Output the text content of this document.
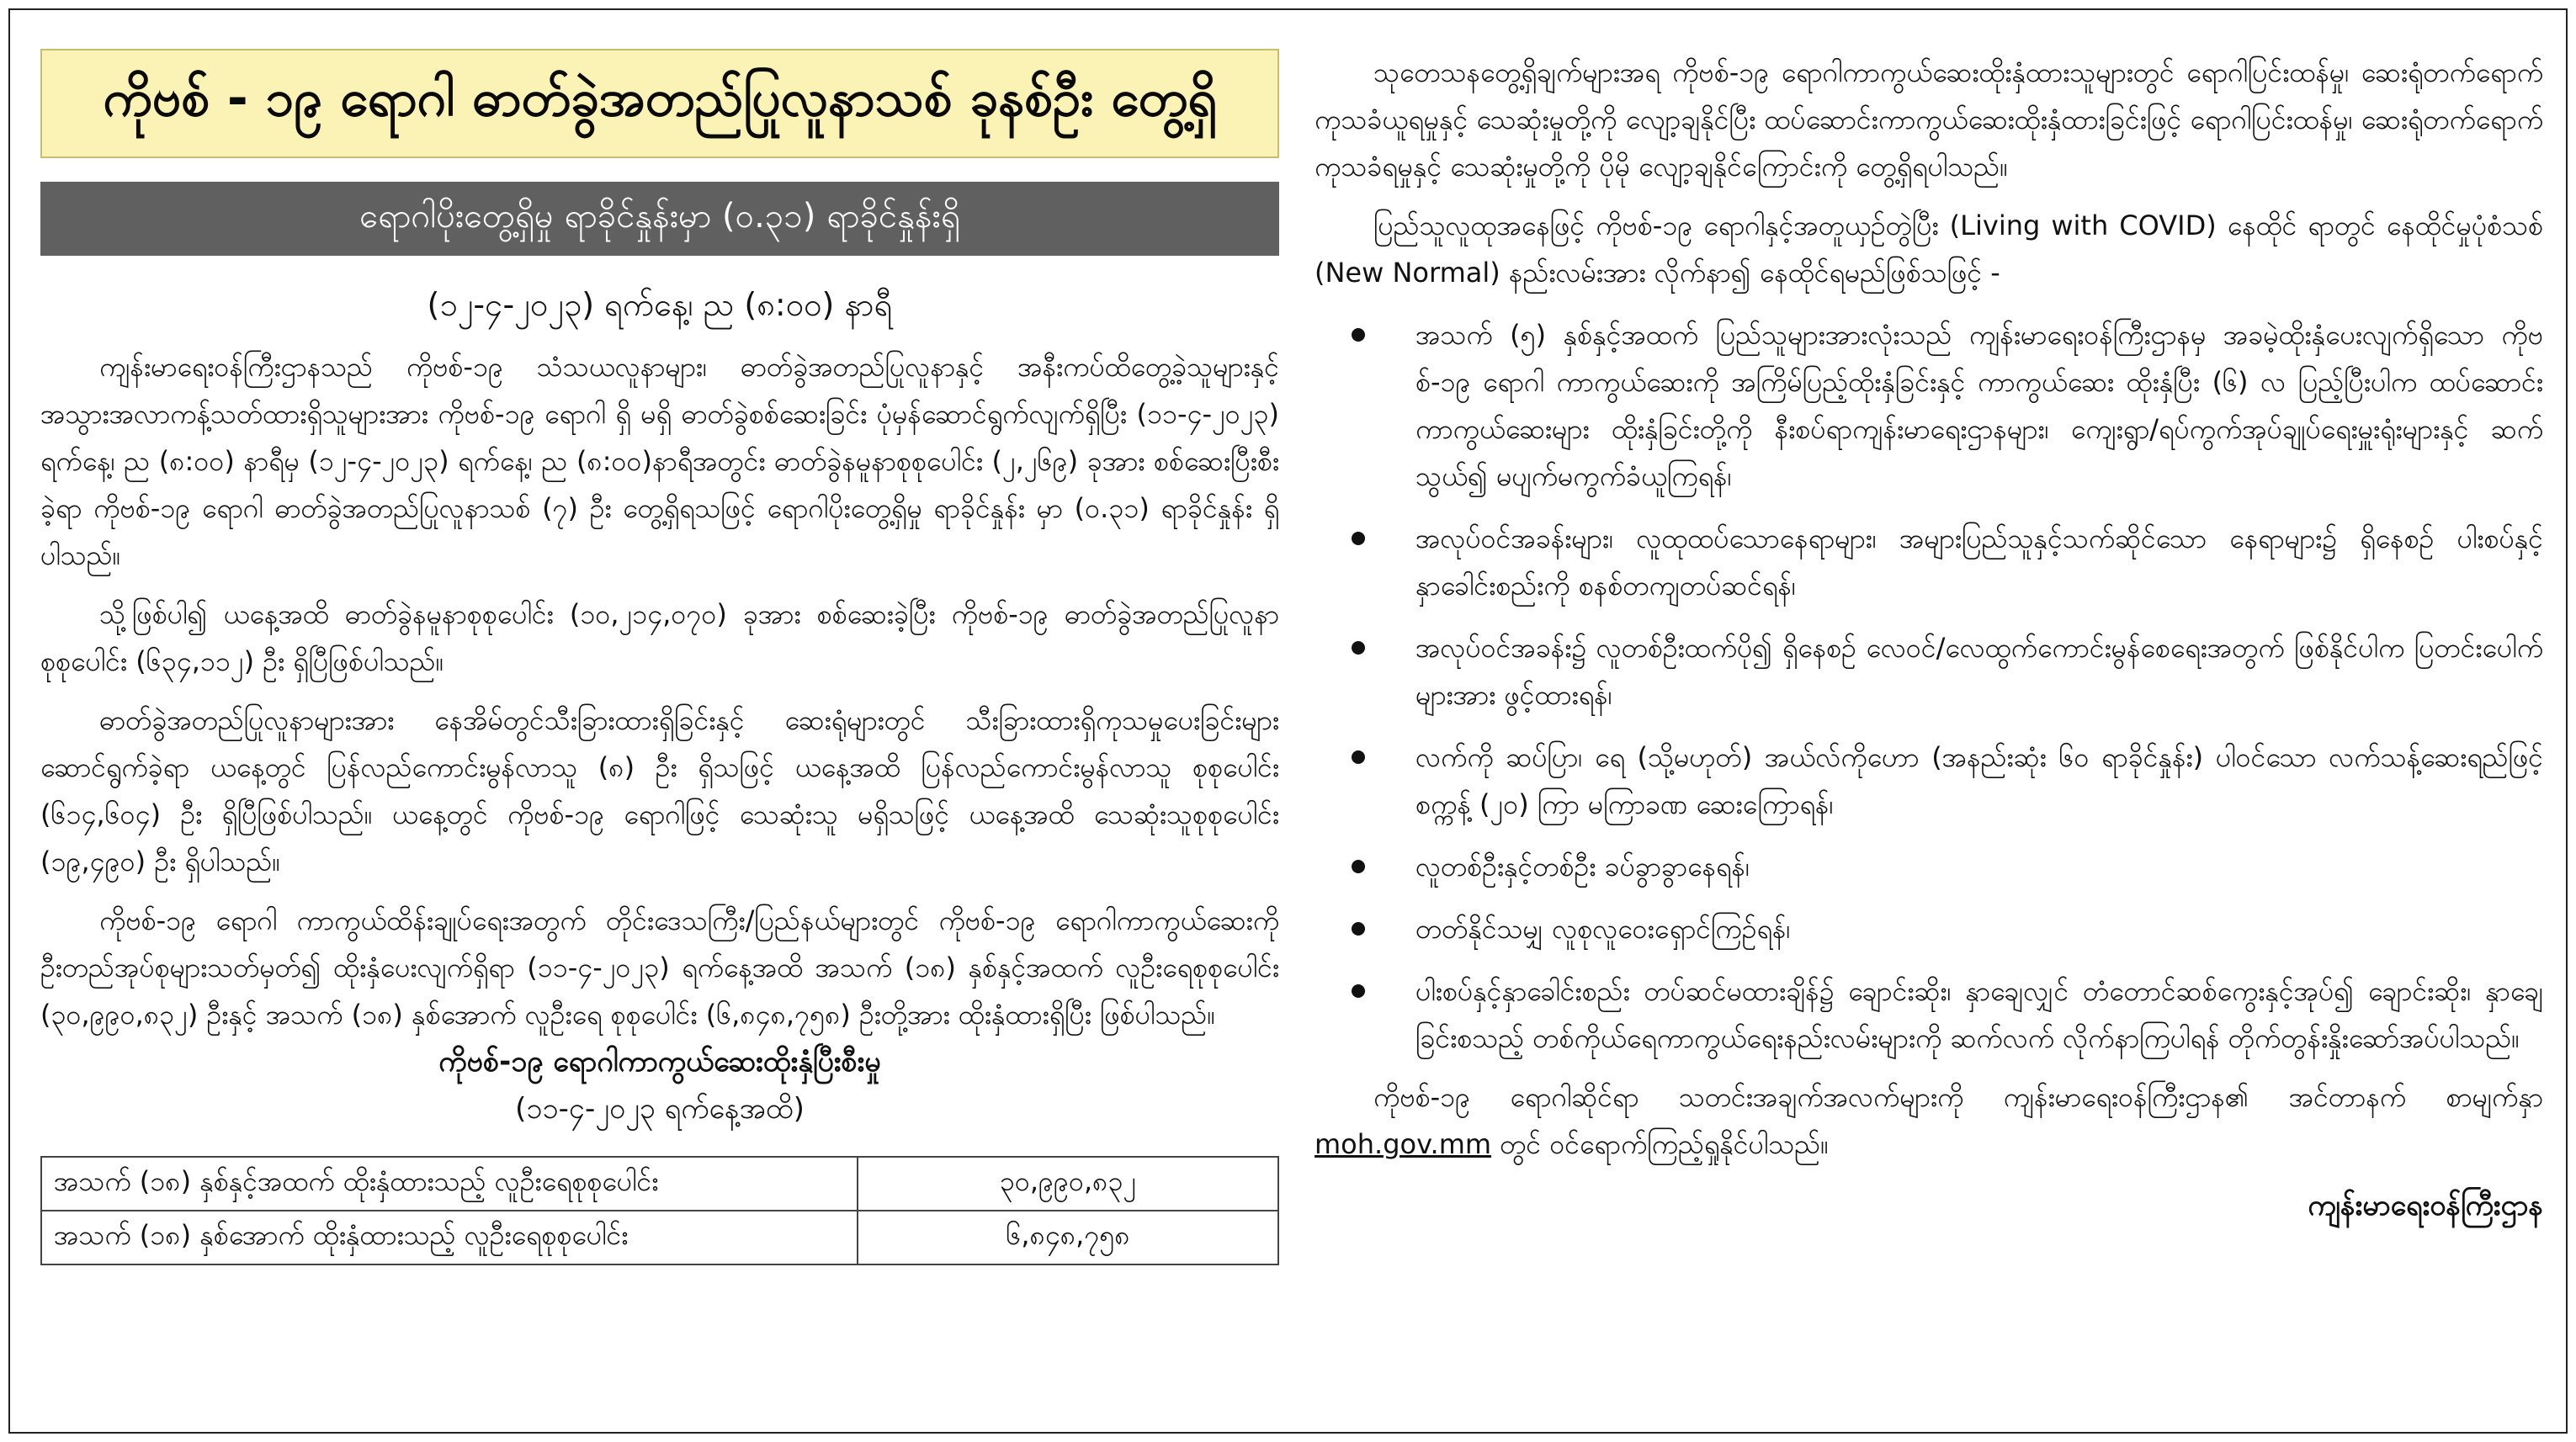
ကိုဗစ် - ၁၉ ရောဂါ ဓာတ်ခွဲအတည်ပြုလူနာသစ် ခုနစ်ဦး တွေ့ရှိ
ရောဂါပိုးတွေ့ရှိမှု ရာခိုင်နှုန်းမှာ (၀.၃၁) ရာခိုင်နှုန်းရှိ
(၁၂-၄-၂၀၂၃) ရက်နေ့၊ ည (၈:၀၀) နာရီ

ကျန်းမာရေးဝန်ကြီးဌာနသည် ကိုဗစ်-၁၉ သံသယလူနာများ၊ ဓာတ်ခွဲအတည်ပြုလူနာနှင့် အနီးကပ်ထိတွေ့ခဲ့သူများနှင့် အသွားအလာကန့်သတ်ထားရှိသူများအား ကိုဗစ်-၁၉ ရောဂါ ရှိ မရှိ ဓာတ်ခွဲစစ်ဆေးခြင်း ပုံမှန်ဆောင်ရွက်လျက်ရှိပြီး (၁၁-၄-၂၀၂၃) ရက်နေ့၊ ည (၈:၀၀) နာရီမှ (၁၂-၄-၂၀၂၃) ရက်နေ့၊ ည (၈:၀၀)နာရီအတွင်း ဓာတ်ခွဲနမူနာစုစုပေါင်း (၂,၂၆၉) ခုအား စစ်ဆေးပြီးစီးခဲ့ရာ ကိုဗစ်-၁၉ ရောဂါ ဓာတ်ခွဲအတည်ပြုလူနာသစ် (၇) ဦး တွေ့ရှိရသဖြင့် ရောဂါပိုးတွေ့ရှိမှု ရာခိုင်နှုန်း မှာ (၀.၃၁) ရာခိုင်နှုန်း ရှိပါသည်။

သို့ဖြစ်ပါ၍ ယနေ့အထိ ဓာတ်ခွဲနမူနာစုစုပေါင်း (၁၀,၂၁၄,၀၇၀) ခုအား စစ်ဆေးခဲ့ပြီး ကိုဗစ်-၁၉ ဓာတ်ခွဲအတည်ပြုလူနာ စုစုပေါင်း (၆၃၄,၁၁၂) ဦး ရှိပြီဖြစ်ပါသည်။

ဓာတ်ခွဲအတည်ပြုလူနာများအား နေအိမ်တွင်သီးခြားထားရှိခြင်းနှင့် ဆေးရုံများတွင် သီးခြားထားရှိကုသမှုပေးခြင်းများ ဆောင်ရွက်ခဲ့ရာ ယနေ့တွင် ပြန်လည်ကောင်းမွန်လာသူ (၈) ဦး ရှိသဖြင့် ယနေ့အထိ ပြန်လည်ကောင်းမွန်လာသူ စုစုပေါင်း (၆၁၄,၆၀၄) ဦး ရှိပြီဖြစ်ပါသည်။ ယနေ့တွင် ကိုဗစ်-၁၉ ရောဂါဖြင့် သေဆုံးသူ မရှိသဖြင့် ယနေ့အထိ သေဆုံးသူစုစုပေါင်း (၁၉,၄၉၀) ဦး ရှိပါသည်။

ကိုဗစ်-၁၉ ရောဂါ ကာကွယ်ထိန်းချုပ်ရေးအတွက် တိုင်းဒေသကြီး/ပြည်နယ်များတွင် ကိုဗစ်-၁၉ ရောဂါကာကွယ်ဆေးကို ဦးတည်အုပ်စုများသတ်မှတ်၍ ထိုးနှံပေးလျက်ရှိရာ (၁၁-၄-၂၀၂၃) ရက်နေ့အထိ အသက် (၁၈) နှစ်နှင့်အထက် လူဦးရေစုစုပေါင်း (၃၀,၉၉၀,၈၃၂) ဦးနှင့် အသက် (၁၈) နှစ်အောက် လူဦးရေ စုစုပေါင်း (၆,၈၄၈,၇၅၈) ဦးတို့အား ထိုးနှံထားရှိပြီး ဖြစ်ပါသည်။

ကိုဗစ်-၁၉ ရောဂါကာကွယ်ဆေးထိုးနှံပြီးစီးမှု
(၁၁-၄-၂၀၂၃ ရက်နေ့အထိ)
အသက် (၁၈) နှစ်နှင့်အထက် ထိုးနှံထားသည့် လူဦးရေစုစုပေါင်း	၃၀,၉၉၀,၈၃၂
အသက် (၁၈) နှစ်အောက် ထိုးနှံထားသည့် လူဦးရေစုစုပေါင်း	၆,၈၄၈,၇၅၈

သုတေသနတွေ့ရှိချက်များအရ ကိုဗစ်-၁၉ ရောဂါကာကွယ်ဆေးထိုးနှံထားသူများတွင် ရောဂါပြင်းထန်မှု၊ ဆေးရုံတက်ရောက်ကုသခံယူရမှုနှင့် သေဆုံးမှုတို့ကို လျော့ချနိုင်ပြီး ထပ်ဆောင်းကာကွယ်ဆေးထိုးနှံထားခြင်းဖြင့် ရောဂါပြင်းထန်မှု၊ ဆေးရုံတက်ရောက်ကုသခံရမှုနှင့် သေဆုံးမှုတို့ကို ပိုမို လျော့ချနိုင်ကြောင်းကို တွေ့ရှိရပါသည်။

ပြည်သူလူထုအနေဖြင့် ကိုဗစ်-၁၉ ရောဂါနှင့်အတူယှဉ်တွဲပြီး (Living with COVID) နေထိုင် ရာတွင် နေထိုင်မှုပုံစံသစ် (New Normal) နည်းလမ်းအား လိုက်နာ၍ နေထိုင်ရမည်ဖြစ်သဖြင့် -

အသက် (၅) နှစ်နှင့်အထက် ပြည်သူများအားလုံးသည် ကျန်းမာရေးဝန်ကြီးဌာနမှ အခမဲ့ထိုးနှံပေးလျက်ရှိသော ကိုဗစ်-၁၉ ရောဂါ ကာကွယ်ဆေးကို အကြိမ်ပြည့်ထိုးနှံခြင်းနှင့် ကာကွယ်ဆေး ထိုးနှံပြီး (၆) လ ပြည့်ပြီးပါက ထပ်ဆောင်းကာကွယ်ဆေးများ ထိုးနှံခြင်းတို့ကို နီးစပ်ရာကျန်းမာရေးဌာနများ၊ ကျေးရွာ/ရပ်ကွက်အုပ်ချုပ်ရေးမှူးရုံးများနှင့် ဆက်သွယ်၍ မပျက်မကွက်ခံယူကြရန်၊
အလုပ်ဝင်အခန်းများ၊ လူထုထပ်သောနေရာများ၊ အများပြည်သူနှင့်သက်ဆိုင်သော နေရာများ၌ ရှိနေစဉ် ပါးစပ်နှင့်နှာခေါင်းစည်းကို စနစ်တကျတပ်ဆင်ရန်၊
အလုပ်ဝင်အခန်း၌ လူတစ်ဦးထက်ပို၍ ရှိနေစဉ် လေဝင်/လေထွက်ကောင်းမွန်စေရေးအတွက် ဖြစ်နိုင်ပါက ပြတင်းပေါက်များအား ဖွင့်ထားရန်၊
လက်ကို ဆပ်ပြာ၊ ရေ (သို့မဟုတ်) အယ်လ်ကိုဟော (အနည်းဆုံး ၆၀ ရာခိုင်နှုန်း) ပါဝင်သော လက်သန့်ဆေးရည်ဖြင့် စက္ကန့် (၂၀) ကြာ မကြာခဏ ဆေးကြောရန်၊
လူတစ်ဦးနှင့်တစ်ဦး ခပ်ခွာခွာနေရန်၊
တတ်နိုင်သမျှ လူစုလူဝေးရှောင်ကြဉ်ရန်၊
ပါးစပ်နှင့်နှာခေါင်းစည်း တပ်ဆင်မထားချိန်၌ ချောင်းဆိုး၊ နှာချေလျှင် တံတောင်ဆစ်ကွေးနှင့်အုပ်၍ ချောင်းဆိုး၊ နှာချေခြင်းစသည့် တစ်ကိုယ်ရေကာကွယ်ရေးနည်းလမ်းများကို ဆက်လက် လိုက်နာကြပါရန် တိုက်တွန်းနှိုးဆော်အပ်ပါသည်။

ကိုဗစ်-၁၉ ရောဂါဆိုင်ရာ သတင်းအချက်အလက်များကို ကျန်းမာရေးဝန်ကြီးဌာန၏ အင်တာနက် စာမျက်နှာ moh.gov.mm တွင် ဝင်ရောက်ကြည့်ရှုနိုင်ပါသည်။

ကျန်းမာရေးဝန်ကြီးဌာန
